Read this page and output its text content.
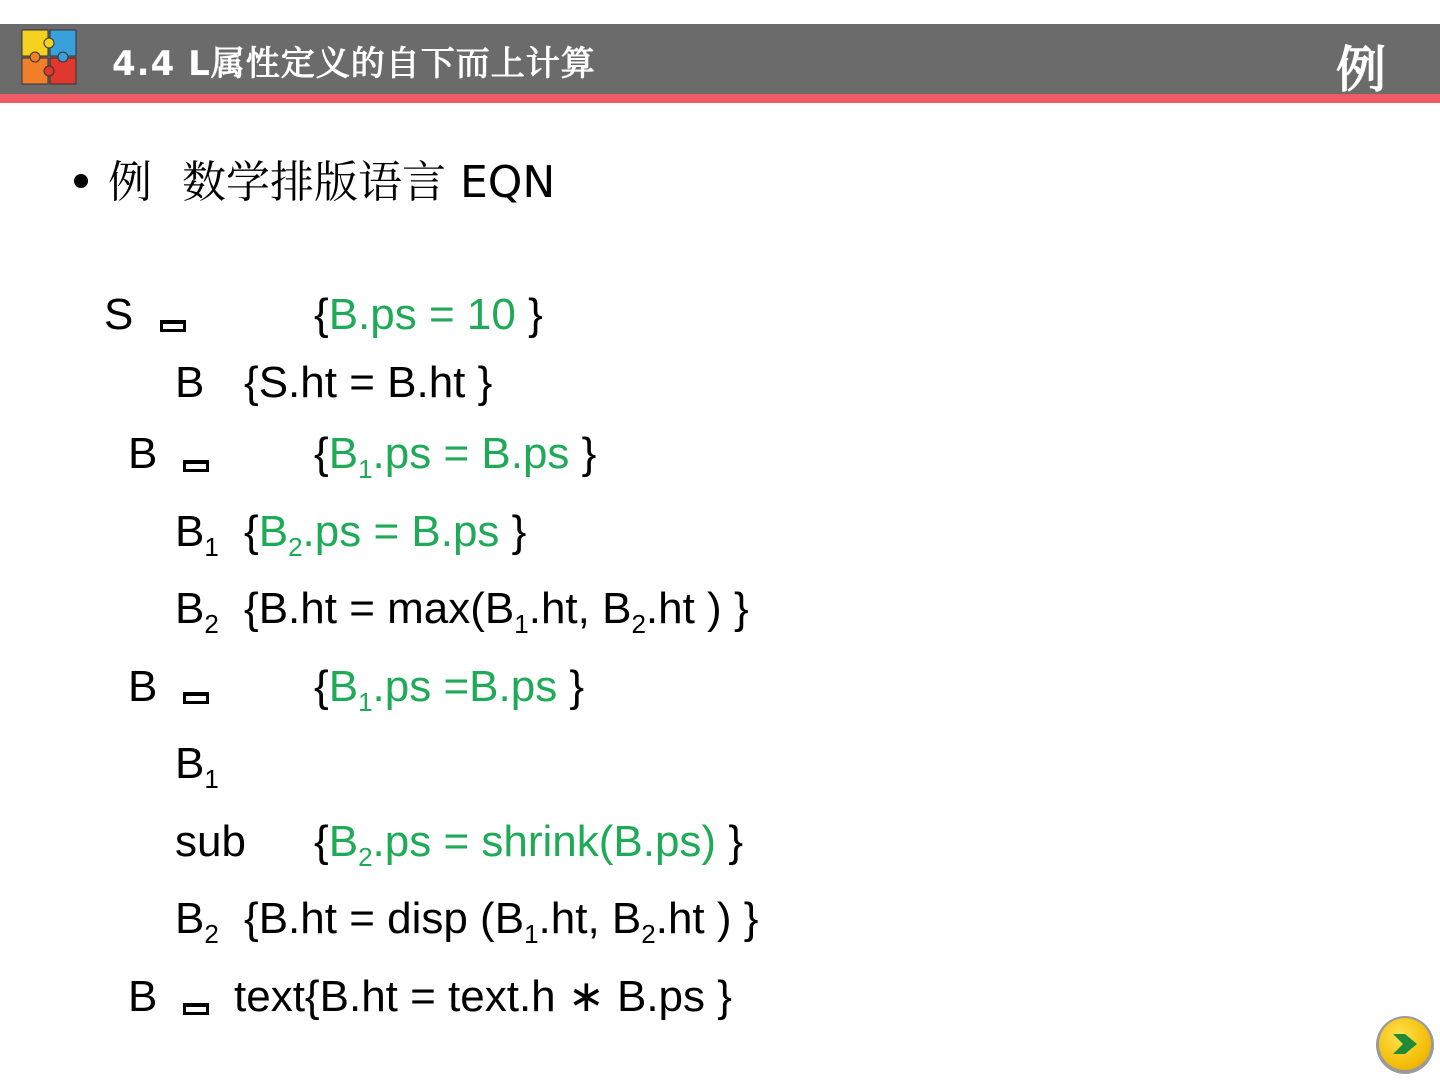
4.4 L属性定义的自下而上计算	例
例 数学排版语言 EQN
S	{B.ps = 10 }
B {S.ht = B.ht }
B	{$B_1.ps = B.ps$ }
$B_1$ {$B_2.ps = B.ps$ }
$B_2$ {$B.ht = \max(B_1.ht$, $B_2.ht$ ) }
B	{$B_1.ps =B.ps$ }
$B_1$
sub {$B_2.ps$ = shrink(B.ps) }
$B_2$ {B.ht = disp ($B_1.ht$, $B_2.ht$ ) }
B text{B.ht = text.h ∗ B.ps }
